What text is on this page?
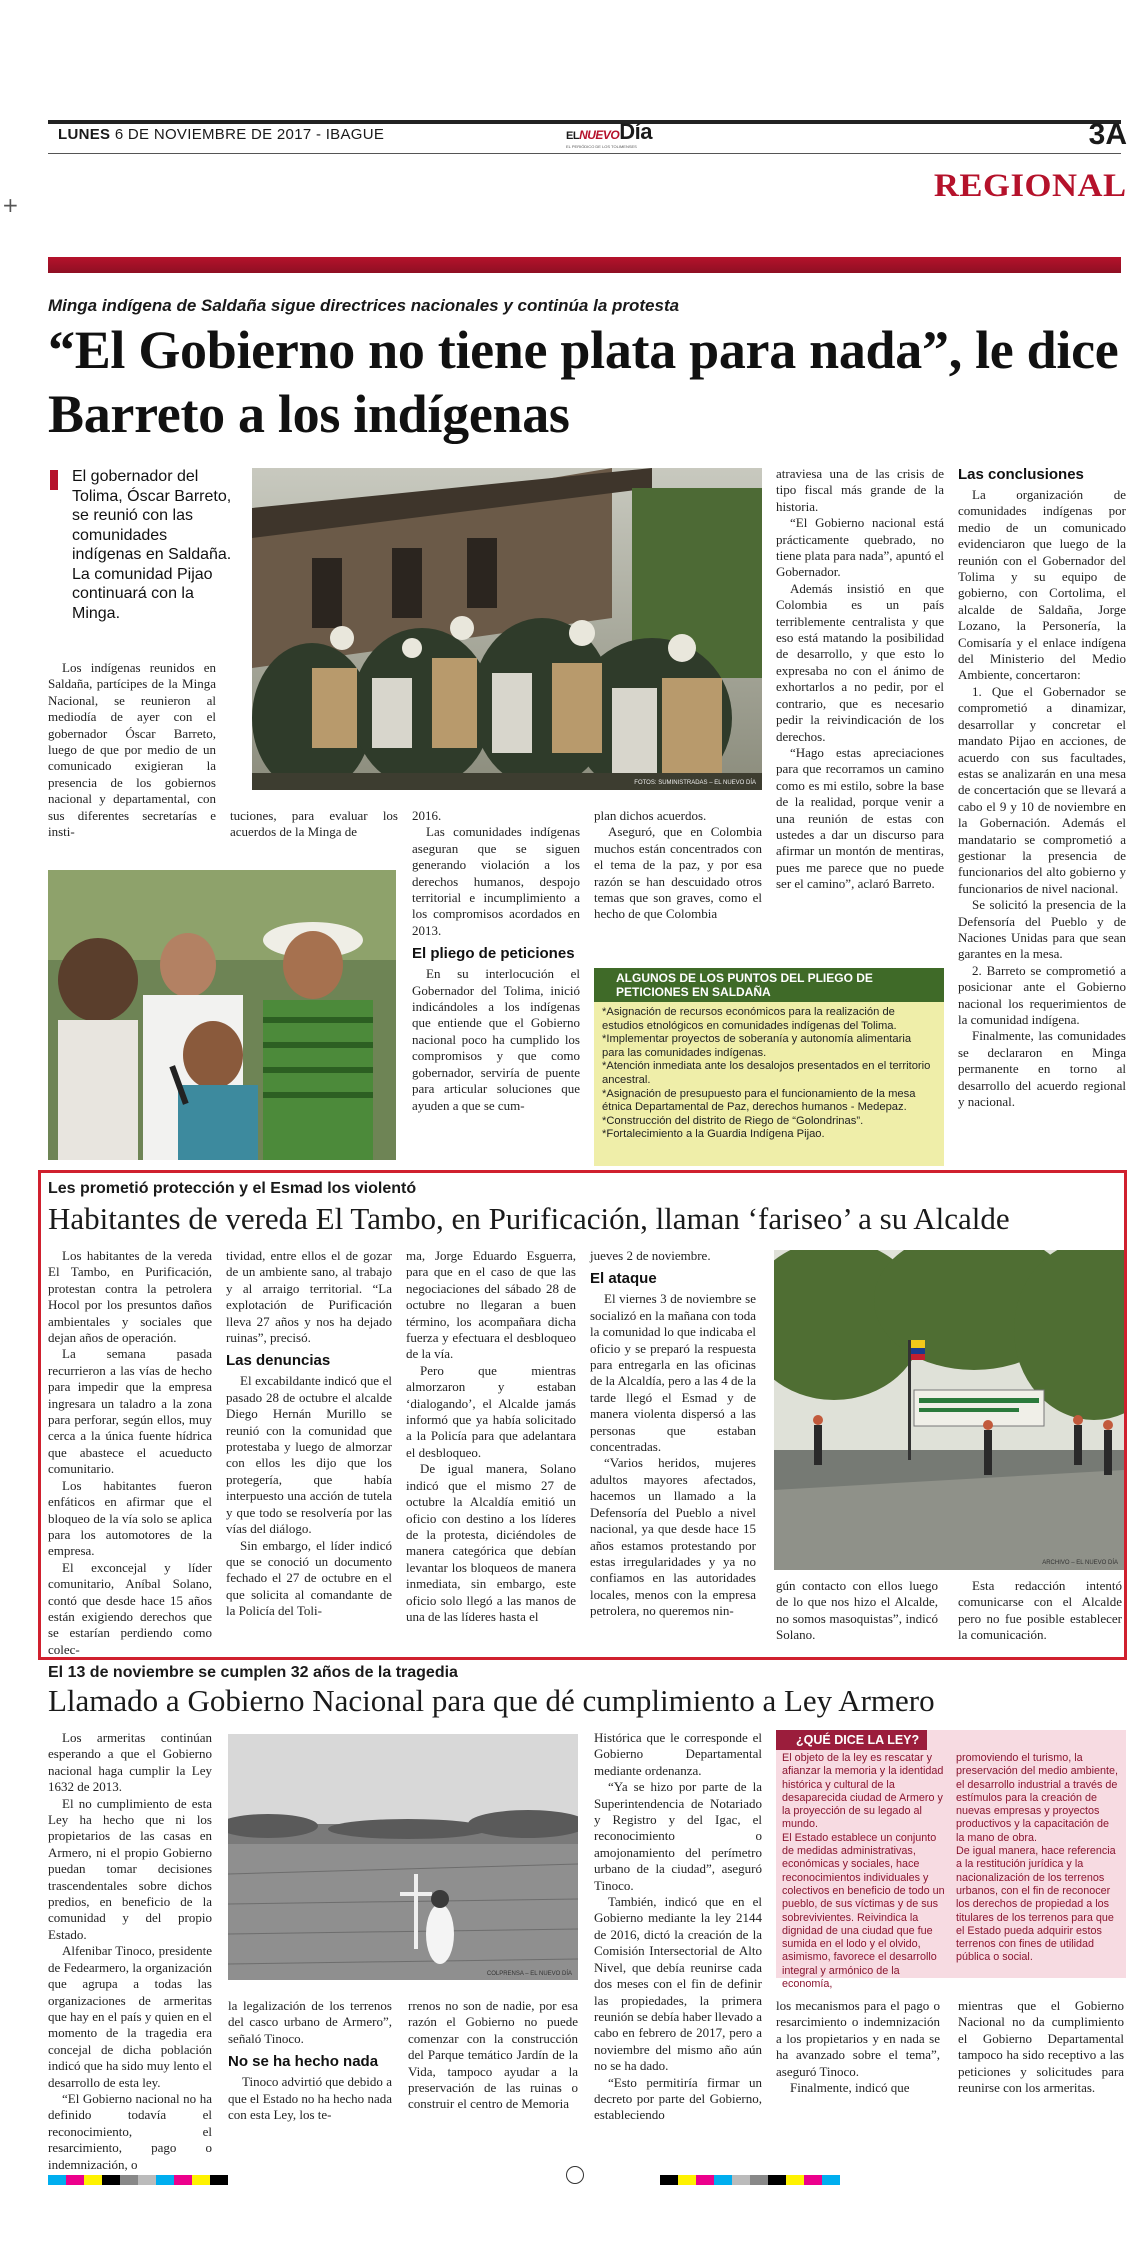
LUNES 6 DE NOVIEMBRE DE 2017 - IBAGUE	ELNUEVODía
EL PERIÓDICO DE LOS TOLIMENSES	3A
REGIONAL
+
Minga indígena de Saldaña sigue directrices nacionales y continúa la protesta
“El Gobierno no tiene plata para nada”, le dice Barreto a los indígenas
El gobernador del Tolima, Óscar Barreto, se reunió con las comunidades indígenas en Saldaña. La comunidad Pijao continuará con la Minga.
FOTOS: SUMINISTRADAS – EL NUEVO DÍA

Los indígenas reunidos en Saldaña, partícipes de la Minga Nacional, se reunieron al mediodía de ayer con el gobernador Óscar Barreto, luego de que por medio de un comunicado exigieran la presencia de los gobiernos nacional y departamental, con sus diferentes secretarías e insti-

tuciones, para evaluar los acuerdos de la Minga de

2016.

Las comunidades indígenas aseguran que se siguen generando violación a los derechos humanos, despojo territorial e incumplimiento a los compromisos acordados en 2013.

El pliego de peticiones

En su interlocución el Gobernador del Tolima, inició indicándoles a los indígenas que entiende que el Gobierno nacional poco ha cumplido los compromisos y que como gobernador, serviría de puente para articular soluciones que ayuden a que se cum-

plan dichos acuerdos.

Aseguró, que en Colombia muchos están concentrados con el tema de la paz, y por esa razón se han descuidado otros temas que son graves, como el hecho de que Colombia

atraviesa una de las crisis de tipo fiscal más grande de la historia.

“El Gobierno nacional está prácticamente quebrado, no tiene plata para nada”, apuntó el Gobernador.

Además insistió en que Colombia es un país terriblemente centralista y que eso está matando la posibilidad de desarrollo, y que esto lo expresaba no con el ánimo de exhortarlos a no pedir, por el contrario, que es necesario pedir la reivindicación de los derechos.

“Hago estas apreciaciones para que recorramos un camino como es mi estilo, sobre la base de la realidad, porque venir a una reunión de estas con ustedes a dar un discurso para afirmar un montón de mentiras, pues me parece que no puede ser el camino”, aclaró Barreto.

Las conclusiones

La organización de comunidades indígenas por medio de un comunicado evidenciaron que luego de la reunión con el Gobernador del Tolima y su equipo de gobierno, con Cortolima, el alcalde de Saldaña, Jorge Lozano, la Personería, la Comisaría y el enlace indígena del Ministerio del Medio Ambiente, concertaron:

1. Que el Gobernador se comprometió a dinamizar, desarrollar y concretar el mandato Pijao en acciones, de acuerdo con sus facultades, estas se analizarán en una mesa de concertación que se llevará a cabo el 9 y 10 de noviembre en la Gobernación. Además el mandatario se comprometió a gestionar la presencia de funcionarios del alto gobierno y funcionarios de nivel nacional.

Se solicitó la presencia de la Defensoría del Pueblo y de Naciones Unidas para que sean garantes en la mesa.

2. Barreto se comprometió a posicionar ante el Gobierno nacional los requerimientos de la comunidad indígena.

Finalmente, las comunidades se declararon en Minga permanente en torno al desarrollo del acuerdo regional y nacional.

ALGUNOS DE LOS PUNTOS DEL PLIEGO DE PETICIONES EN SALDAÑA
*Asignación de recursos económicos para la realización de estudios etnológicos en comunidades indígenas del Tolima.
*Implementar proyectos de soberanía y autonomía alimentaria para las comunidades indígenas.
*Atención inmediata ante los desalojos presentados en el territorio ancestral.
*Asignación de presupuesto para el funcionamiento de la mesa étnica Departamental de Paz, derechos humanos - Medepaz.
*Construcción del distrito de Riego de “Golondrinas”.
*Fortalecimiento a la Guardia Indígena Pijao.
Les prometió protección y el Esmad los violentó
Habitantes de vereda El Tambo, en Purificación, llaman ‘fariseo’ a su Alcalde

Los habitantes de la vereda El Tambo, en Purificación, protestan contra la petrolera Hocol por los presuntos daños ambientales y sociales que dejan años de operación.

La semana pasada recurrieron a las vías de hecho para impedir que la empresa ingresara un taladro a la zona para perforar, según ellos, muy cerca a la única fuente hídrica que abastece el acueducto comunitario.

Los habitantes fueron enfáticos en afirmar que el bloqueo de la vía solo se aplica para los automotores de la empresa.

El exconcejal y líder comunitario, Aníbal Solano, contó que desde hace 15 años están exigiendo derechos que se estarían perdiendo como colec-

tividad, entre ellos el de gozar de un ambiente sano, al trabajo y al arraigo territorial. “La explotación de Purificación lleva 27 años y nos ha dejado ruinas”, precisó.

Las denuncias

El excabildante indicó que el pasado 28 de octubre el alcalde Diego Hernán Murillo se reunió con la comunidad que protestaba y luego de almorzar con ellos les dijo que los protegería, que había interpuesto una acción de tutela y que todo se resolvería por las vías del diálogo.

Sin embargo, el líder indicó que se conoció un documento fechado el 27 de octubre en el que solicita al comandante de la Policía del Toli-

ma, Jorge Eduardo Esguerra, para que en el caso de que las negociaciones del sábado 28 de octubre no llegaran a buen término, los acompañara dicha fuerza y efectuara el desbloqueo de la vía.

Pero que mientras almorzaron y estaban ‘dialogando’, el Alcalde jamás informó que ya había solicitado a la Policía para que adelantara el desbloqueo.

De igual manera, Solano indicó que el mismo 27 de octubre la Alcaldía emitió un oficio con destino a los líderes de la protesta, diciéndoles de manera categórica que debían levantar los bloqueos de manera inmediata, sin embargo, este oficio solo llegó a las manos de una de las líderes hasta el

jueves 2 de noviembre.

El ataque

El viernes 3 de noviembre se socializó en la mañana con toda la comunidad lo que indicaba el oficio y se preparó la respuesta para entregarla en las oficinas de la Alcaldía, pero a las 4 de la tarde llegó el Esmad y de manera violenta dispersó a las personas que estaban concentradas.

“Varios heridos, mujeres adultos mayores afectados, hacemos un llamado a la Defensoría del Pueblo a nivel nacional, ya que desde hace 15 años estamos protestando por estas irregularidades y ya no confiamos en las autoridades locales, menos con la empresa petrolera, no queremos nin-

ARCHIVO – EL NUEVO DÍA

gún contacto con ellos luego de lo que nos hizo el Alcalde, no somos masoquistas”, indicó Solano.

Esta redacción intentó comunicarse con el Alcalde pero no fue posible establecer la comunicación.

El 13 de noviembre se cumplen 32 años de la tragedia
Llamado a Gobierno Nacional para que dé cumplimiento a Ley Armero

Los armeritas continúan esperando a que el Gobierno nacional haga cumplir la Ley 1632 de 2013.

El no cumplimiento de esta Ley ha hecho que ni los propietarios de las casas en Armero, ni el propio Gobierno puedan tomar decisiones trascendentales sobre dichos predios, en beneficio de la comunidad y del propio Estado.

Alfenibar Tinoco, presidente de Fedearmero, la organización que agrupa a todas las organizaciones de armeritas que hay en el país y quien en el momento de la tragedia era concejal de dicha población indicó que ha sido muy lento el desarrollo de esta ley.

“El Gobierno nacional no ha definido todavía el reconocimiento, el resarcimiento, pago o indemnización, o

COLPRENSA – EL NUEVO DÍA

la legalización de los terrenos del casco urbano de Armero”, señaló Tinoco.

No se ha hecho nada

Tinoco advirtió que debido a que el Estado no ha hecho nada con esta Ley, los te-

rrenos no son de nadie, por esa razón el Gobierno no puede comenzar con la construcción del Parque temático Jardín de la Vida, tampoco ayudar a la preservación de las ruinas o construir el centro de Memoria

Histórica que le corresponde el Gobierno Departamental mediante ordenanza.

“Ya se hizo por parte de la Superintendencia de Notariado y Registro y del Igac, el reconocimiento o amojonamiento del perímetro urbano de la ciudad”, aseguró Tinoco.

También, indicó que en el Gobierno mediante la ley 2144 de 2016, dictó la creación de la Comisión Intersectorial de Alto Nivel, que debía reunirse cada dos meses con el fin de definir las propiedades, la primera reunión se debía haber llevado a cabo en febrero de 2017, pero a noviembre del mismo año aún no se ha dado.

“Esto permitiría firmar un decreto por parte del Gobierno, estableciendo

¿QUÉ DICE LA LEY?
El objeto de la ley es rescatar y afianzar la memoria y la identidad histórica y cultural de la desaparecida ciudad de Armero y la proyección de su legado al mundo.
El Estado establece un conjunto de medidas administrativas, económicas y sociales, hace reconocimientos individuales y colectivos en beneficio de todo un pueblo, de sus víctimas y de sus sobrevivientes. Reivindica la dignidad de una ciudad que fue sumida en el lodo y el olvido, asimismo, favorece el desarrollo integral y armónico de la economía,
promoviendo el turismo, la preservación del medio ambiente, el desarrollo industrial a través de estímulos para la creación de nuevas empresas y proyectos productivos y la capacitación de la mano de obra.
De igual manera, hace referencia a la restitución jurídica y la nacionalización de los terrenos urbanos, con el fin de reconocer los derechos de propiedad a los titulares de los terrenos para que el Estado pueda adquirir estos terrenos con fines de utilidad pública o social.

los mecanismos para el pago o resarcimiento o indemnización a los propietarios y en nada se ha avanzado sobre el tema”, aseguró Tinoco.

Finalmente, indicó que

mientras que el Gobierno Nacional no da cumplimiento el Gobierno Departamental tampoco ha sido receptivo a las peticiones y solicitudes para reunirse con los armeritas.
